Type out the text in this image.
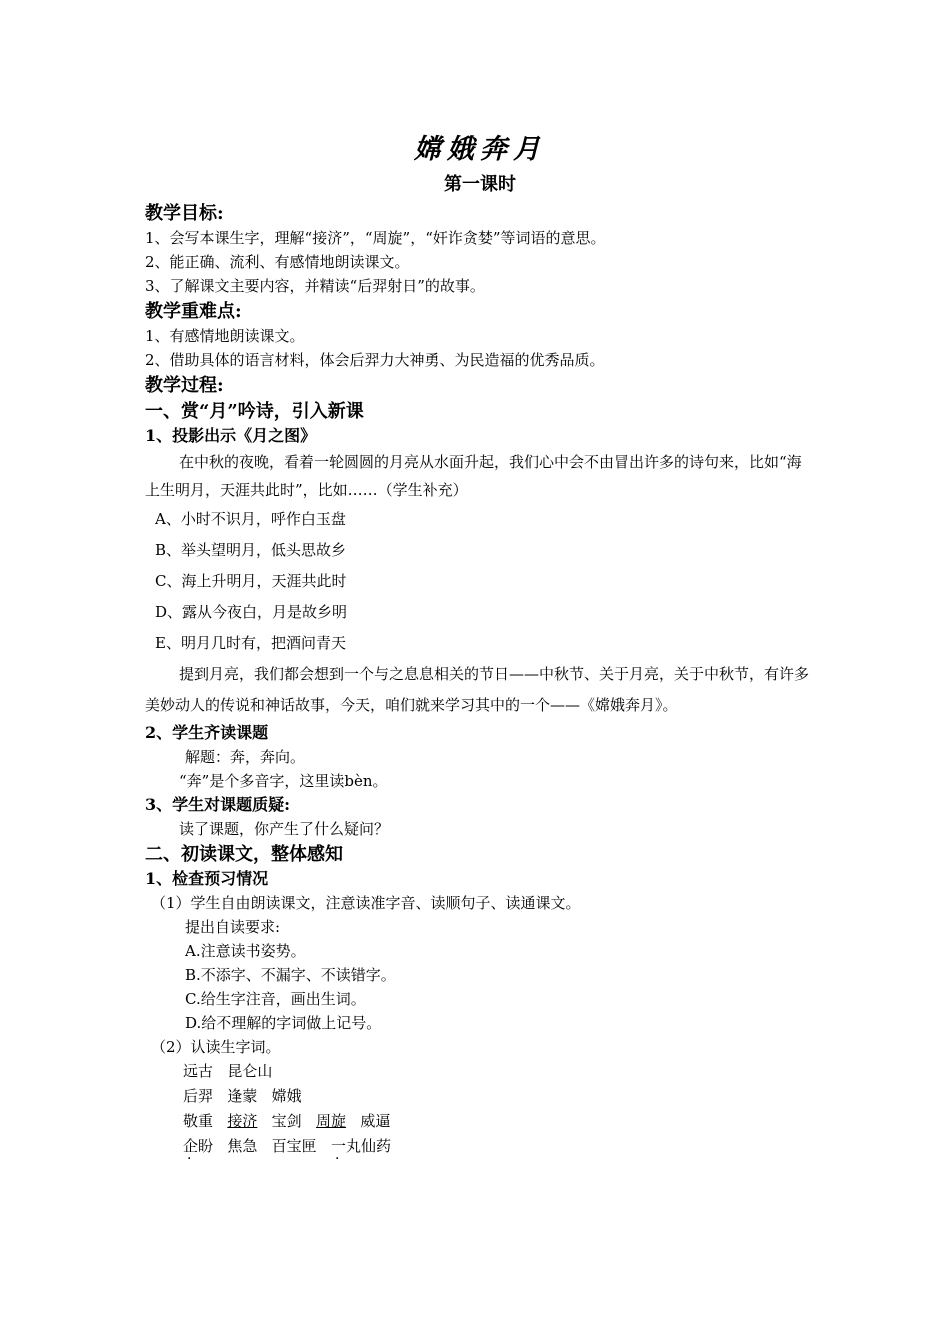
嫦娥奔月
第一课时
教学目标:
1、会写本课生字，理解“接济”，“周旋”，“奸诈贪婪”等词语的意思。
2、能正确、流利、有感情地朗读课文。
3、了解课文主要内容，并精读“后羿射日”的故事。
教学重难点:
1、有感情地朗读课文。
2、借助具体的语言材料，体会后羿力大神勇、为民造福的优秀品质。
教学过程:
一、赏“月”吟诗，引入新课
1、投影出示《月之图》
在中秋的夜晚，看着一轮圆圆的月亮从水面升起，我们心中会不由冒出许多的诗句来，比如“海上生明月，天涯共此时”，比如……（学生补充）
A、小时不识月，呼作白玉盘
B、举头望明月，低头思故乡
C、海上升明月，天涯共此时
D、露从今夜白，月是故乡明
E、明月几时有，把酒问青天
提到月亮，我们都会想到一个与之息息相关的节日——中秋节、关于月亮，关于中秋节，有许多美妙动人的传说和神话故事，今天，咱们就来学习其中的一个——《嫦娥奔月》。
2、学生齐读课题
解题：奔，奔向。
“奔”是个多音字，这里读bèn。
3、学生对课题质疑:
读了课题，你产生了什么疑问？
二、初读课文，整体感知
1、检查预习情况
（1）学生自由朗读课文，注意读准字音、读顺句子、读通课文。
提出自读要求:
A.注意读书姿势。
B.不添字、不漏字、不读错字。
C.给生字注音，画出生词。
D.给不理解的字词做上记号。
（2）认读生字词。
远古 昆仑山
后羿 逢蒙 嫦娥
敬重 接济 宝剑 周旋 威逼
企盼 焦急 百宝匣 一丸仙药
